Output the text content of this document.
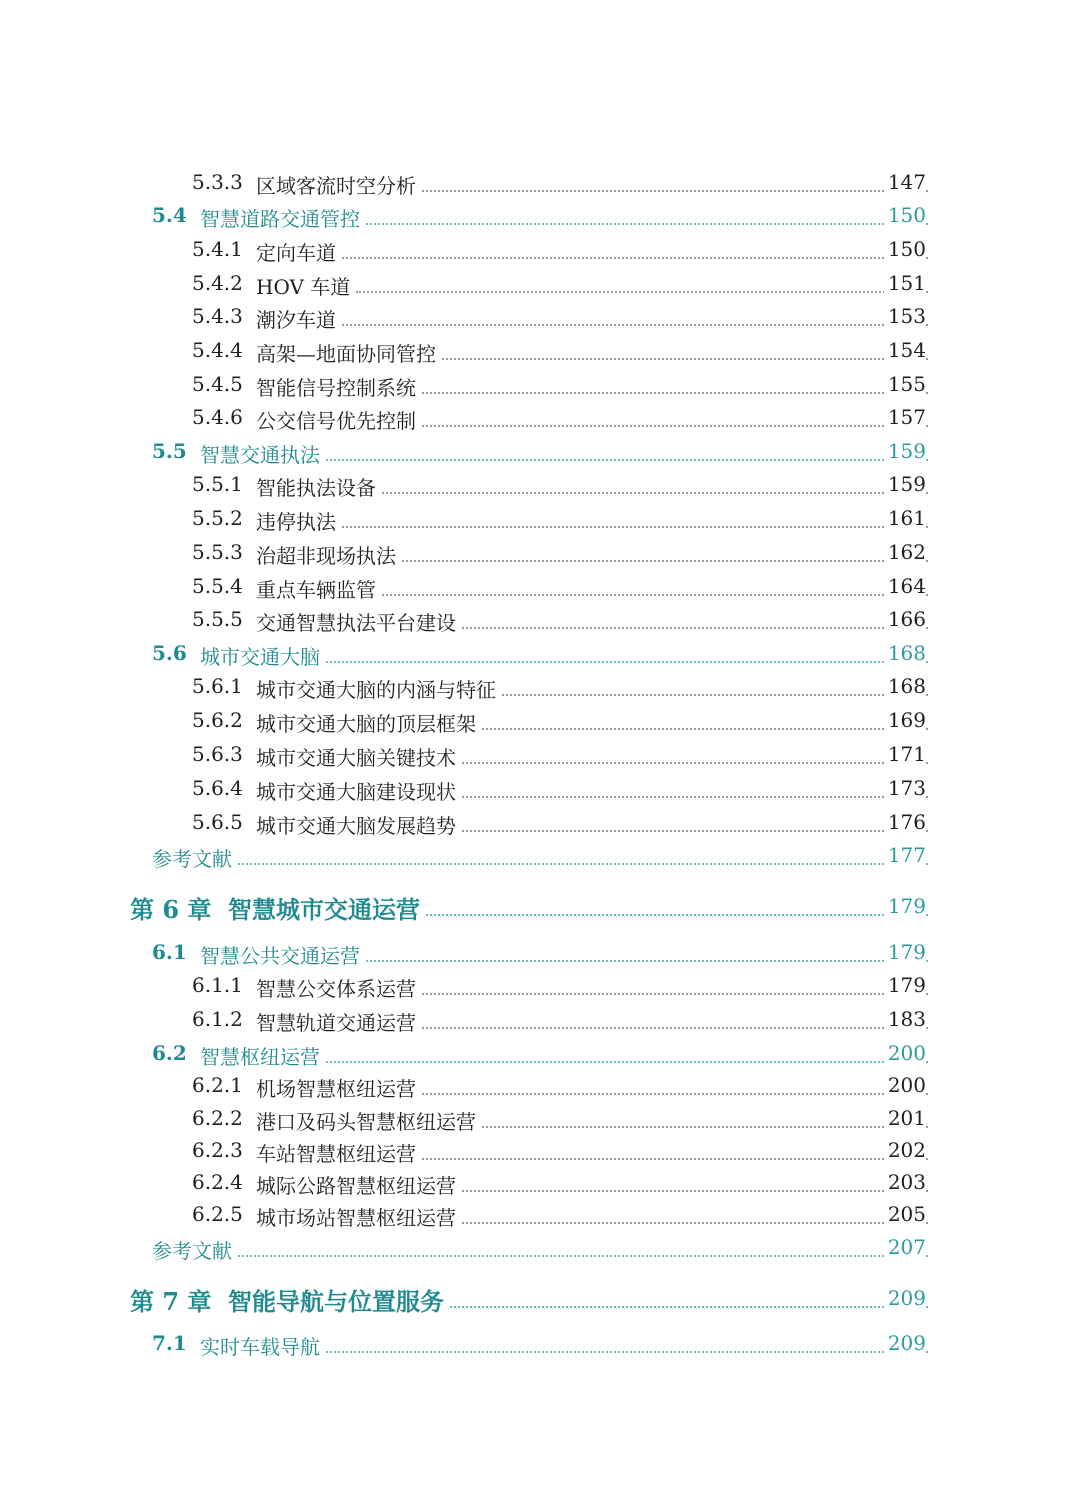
5.3.3 区域客流时空分析	147
5.4 智慧道路交通管控	150
5.4.1 定向车道	150
5.4.2 HOV 车道	151
5.4.3 潮汐车道	153
5.4.4 高架—地面协同管控	154
5.4.5 智能信号控制系统	155
5.4.6 公交信号优先控制	157
5.5 智慧交通执法	159
5.5.1 智能执法设备	159
5.5.2 违停执法	161
5.5.3 治超非现场执法	162
5.5.4 重点车辆监管	164
5.5.5 交通智慧执法平台建设	166
5.6 城市交通大脑	168
5.6.1 城市交通大脑的内涵与特征	168
5.6.2 城市交通大脑的顶层框架	169
5.6.3 城市交通大脑关键技术	171
5.6.4 城市交通大脑建设现状	173
5.6.5 城市交通大脑发展趋势	176
参考文献	177
第 6 章 智慧城市交通运营	179
6.1 智慧公共交通运营	179
6.1.1 智慧公交体系运营	179
6.1.2 智慧轨道交通运营	183
6.2 智慧枢纽运营	200
6.2.1 机场智慧枢纽运营	200
6.2.2 港口及码头智慧枢纽运营	201
6.2.3 车站智慧枢纽运营	202
6.2.4 城际公路智慧枢纽运营	203
6.2.5 城市场站智慧枢纽运营	205
参考文献	207
第 7 章 智能导航与位置服务	209
7.1 实时车载导航	209
